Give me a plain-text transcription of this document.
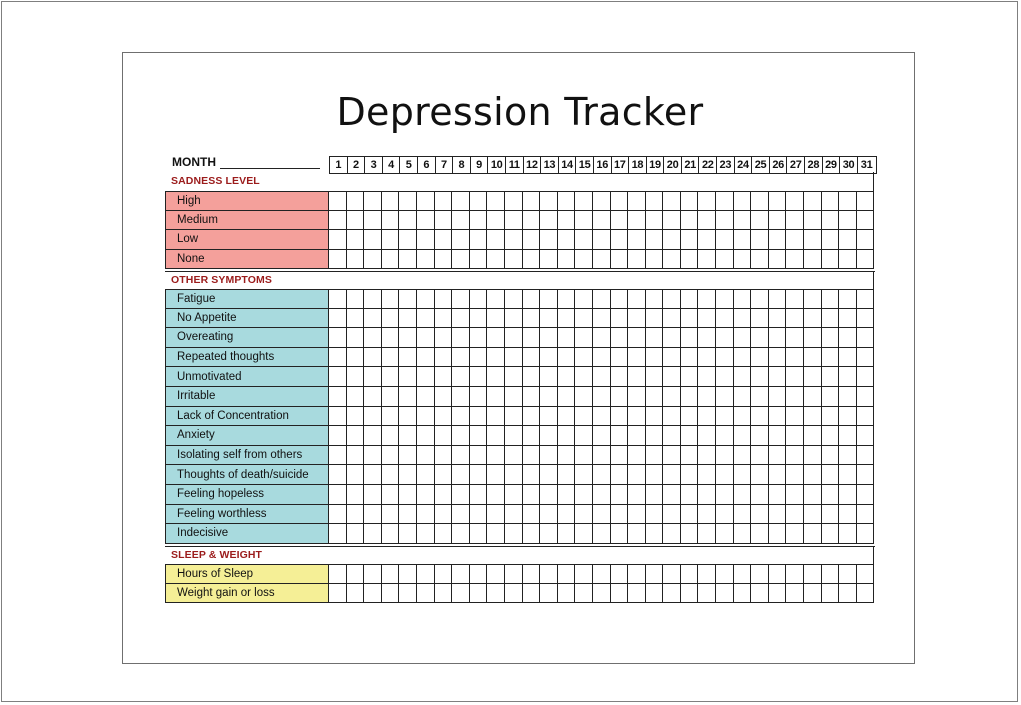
Depression Tracker
MONTH	1	2	3	4	5	6	7	8	9 10 11 12 13 14 15 16 17 18 19 20 21 22 23 24 25 26 27 28 29 30 31
SADNESS LEVEL
High
Medium
Low
None
OTHER SYMPTOMS
Fatigue
No Appetite
Overeating
Repeated thoughts
Unmotivated
Irritable
Lack of Concentration
Anxiety
Isolating self from others
Thoughts of death/suicide
Feeling hopeless
Feeling worthless
Indecisive
SLEEP & WEIGHT
Hours of Sleep
Weight gain or loss
